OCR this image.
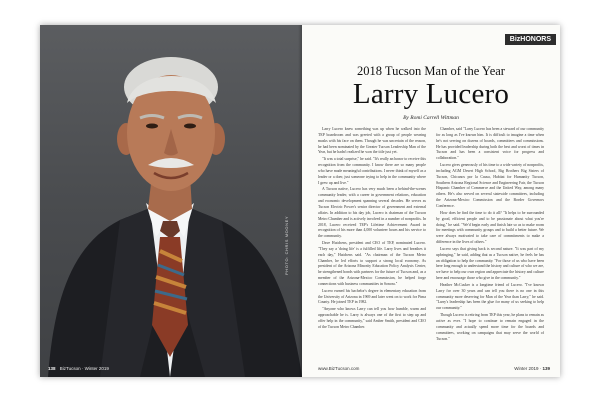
PHOTO: CHRIS MOONEY
138 BizTucson · Winter 2019
BizHONORS
2018 Tucson Man of the Year
Larry Lucero
By Romi Carrell Wittman

Larry Lucero knew something was up when he walked into the TEP boardroom and was greeted with a group of people wearing masks with his face on them. Though he was uncertain of the reason, he had been nominated by the Greater Tucson Leadership Man of the Year, but he hadn't realized he won the title just yet.

"It was a total surprise," he said. "It's really an honor to receive this recognition from the community. I know there are so many people who have made meaningful contributions. I never think of myself as a leader or a doer, just someone trying to help in the community where I grew up and live."

A Tucson native, Lucero has very much been a behind-the-scenes community leader, with a career in government relations, education and economic development spanning several decades. He serves as Tucson Electric Power's senior director of government and external affairs. In addition to his day job, Lucero is chairman of the Tucson Metro Chamber and is actively involved in a number of nonprofits. In 2018, Lucero received TEP's Lifetime Achievement Award in recognition of his more than 4,000 volunteer hours and his service to the community.

Dave Hutchens, president and CEO of TEP, nominated Lucero. "They say a 'doing life' is a fulfilled life. Larry lives and breathes it each day," Hutchens said. "As chairman of the Tucson Metro Chamber, he led efforts to support a strong local economy. As president of the Arizona Minority Education Policy Analysis Center, he strengthened bonds with partners for the future of Tucson and, as a member of the Arizona-Mexico Commission, he helped forge connections with business communities in Sonora."

Lucero earned his bachelor's degree in elementary education from the University of Arizona in 1969 and later went on to work for Pima County. He joined TEP in 1982.

"Anyone who knows Larry can tell you how humble, warm and approachable he is. Larry is always one of the first to step up and offer help in the community," said Amber Smith, president and CEO of the Tucson Metro Chamber.

Chamber, said "Larry Lucero has been a steward of our community for as long as I've known him. It is difficult to imagine a time when he's not serving on dozens of boards, committees and commissions. He has provided leadership during both the best and worst of times in Tucson and has been a consistent voice for progress and collaboration."

Lucero gives generously of his time to a wide variety of nonprofits, including AGM Desert High School, Big Brothers Big Sisters of Tucson, Chicanos por la Causa, Habitat for Humanity Tucson, Southern Arizona Regional Science and Engineering Fair, the Tucson Hispanic Chamber of Commerce and the United Way, among many others. He's also served on several statewide committees, including the Arizona-Mexico Commission and the Border Governors Conference.

How does he find the time to do it all? "It helps to be surrounded by good, efficient people and to be passionate about what you're doing," he said. "We'd begin early and finish late so as to make room for meetings with community groups and to build a better future. We were always motivated to take care of commitments to make a difference in the lives of others."

Lucero says that giving back is second nature. "It was part of my upbringing," he said, adding that as a Tucson native, he feels he has an obligation to help the community. "For those of us who have been here long enough to understand the history and culture of who we are, we have to help our own region and appreciate the history and culture here and encourage those who give in the community."

Heather McCusker is a longtime friend of Lucero. "I've known Larry for over 30 years and can tell you there is no one in this community more deserving for Man of the Year than Larry," he said. "Larry's leadership has been the glue for many of us seeking to help our community."

Though Lucero is retiring from TEP this year, he plans to remain as active as ever. "I hope to continue to remain engaged in the community and actually spend more time for the boards and committees, working on campaigns that may serve the world of Tucson."

www.BizTucson.com	Winter 2019 · 139
